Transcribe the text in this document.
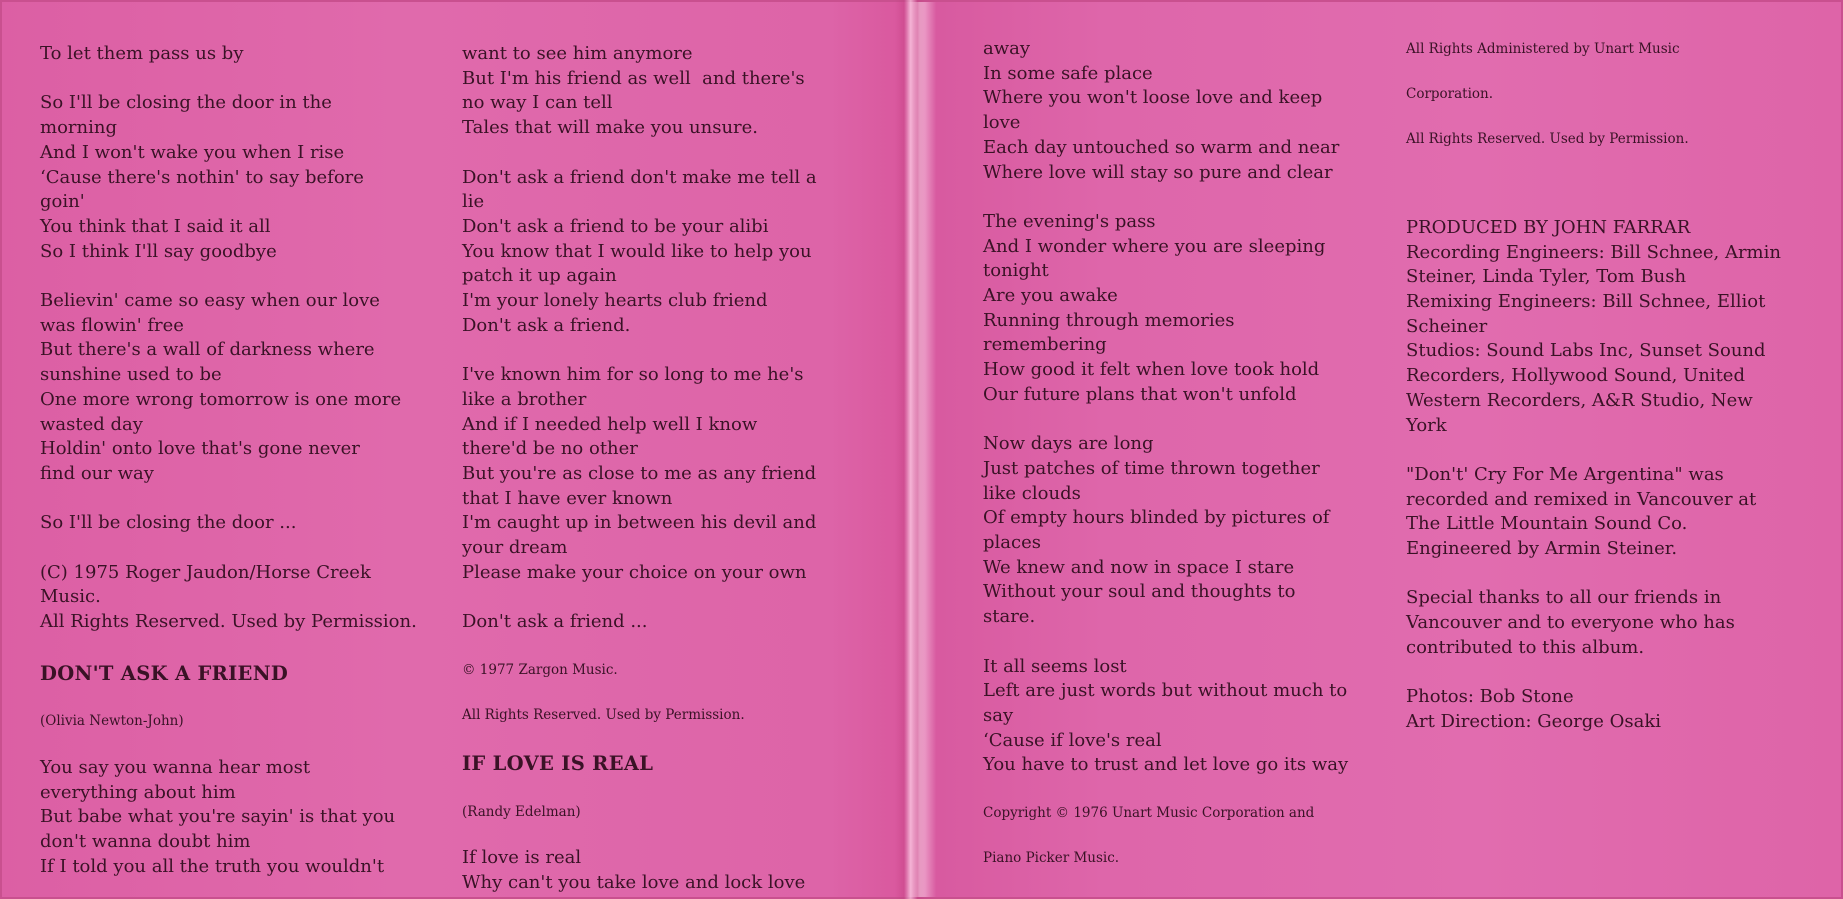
To let them pass us by

So I'll be closing the door in the
morning
And I won't wake you when I rise
‘Cause there's nothin' to say before
goin'
You think that I said it all
So I think I'll say goodbye

Believin' came so easy when our love
was flowin' free
But there's a wall of darkness where
sunshine used to be
One more wrong tomorrow is one more
wasted day
Holdin' onto love that's gone never
find our way

So I'll be closing the door ...

(C) 1975 Roger Jaudon/Horse Creek
Music.
All Rights Reserved. Used by Permission.

DON'T ASK A FRIEND

(Olivia Newton-John)

You say you wanna hear most
everything about him
But babe what you're sayin' is that you
don't wanna doubt him
If I told you all the truth you wouldn't

want to see him anymore
But I'm his friend as well  and there's
no way I can tell
Tales that will make you unsure.

Don't ask a friend don't make me tell a
lie
Don't ask a friend to be your alibi
You know that I would like to help you
patch it up again
I'm your lonely hearts club friend
Don't ask a friend.

I've known him for so long to me he's
like a brother
And if I needed help well I know
there'd be no other
But you're as close to me as any friend
that I have ever known
I'm caught up in between his devil and
your dream
Please make your choice on your own

Don't ask a friend ...

© 1977 Zargon Music.

All Rights Reserved. Used by Permission.

IF LOVE IS REAL

(Randy Edelman)

If love is real
Why can't you take love and lock love

away
In some safe place
Where you won't loose love and keep
love
Each day untouched so warm and near
Where love will stay so pure and clear

The evening's pass
And I wonder where you are sleeping
tonight
Are you awake
Running through memories
remembering
How good it felt when love took hold
Our future plans that won't unfold

Now days are long
Just patches of time thrown together
like clouds
Of empty hours blinded by pictures of
places
We knew and now in space I stare
Without your soul and thoughts to
stare.

It all seems lost
Left are just words but without much to
say
‘Cause if love's real
You have to trust and let love go its way

Copyright © 1976 Unart Music Corporation and

Piano Picker Music.

All Rights Administered by Unart Music

Corporation.

All Rights Reserved. Used by Permission.

PRODUCED BY JOHN FARRAR
Recording Engineers: Bill Schnee, Armin
Steiner, Linda Tyler, Tom Bush
Remixing Engineers: Bill Schnee, Elliot
Scheiner
Studios: Sound Labs Inc, Sunset Sound
Recorders, Hollywood Sound, United
Western Recorders, A&R Studio, New
York

"Don't' Cry For Me Argentina" was
recorded and remixed in Vancouver at
The Little Mountain Sound Co.
Engineered by Armin Steiner.

Special thanks to all our friends in
Vancouver and to everyone who has
contributed to this album.

Photos: Bob Stone
Art Direction: George Osaki
